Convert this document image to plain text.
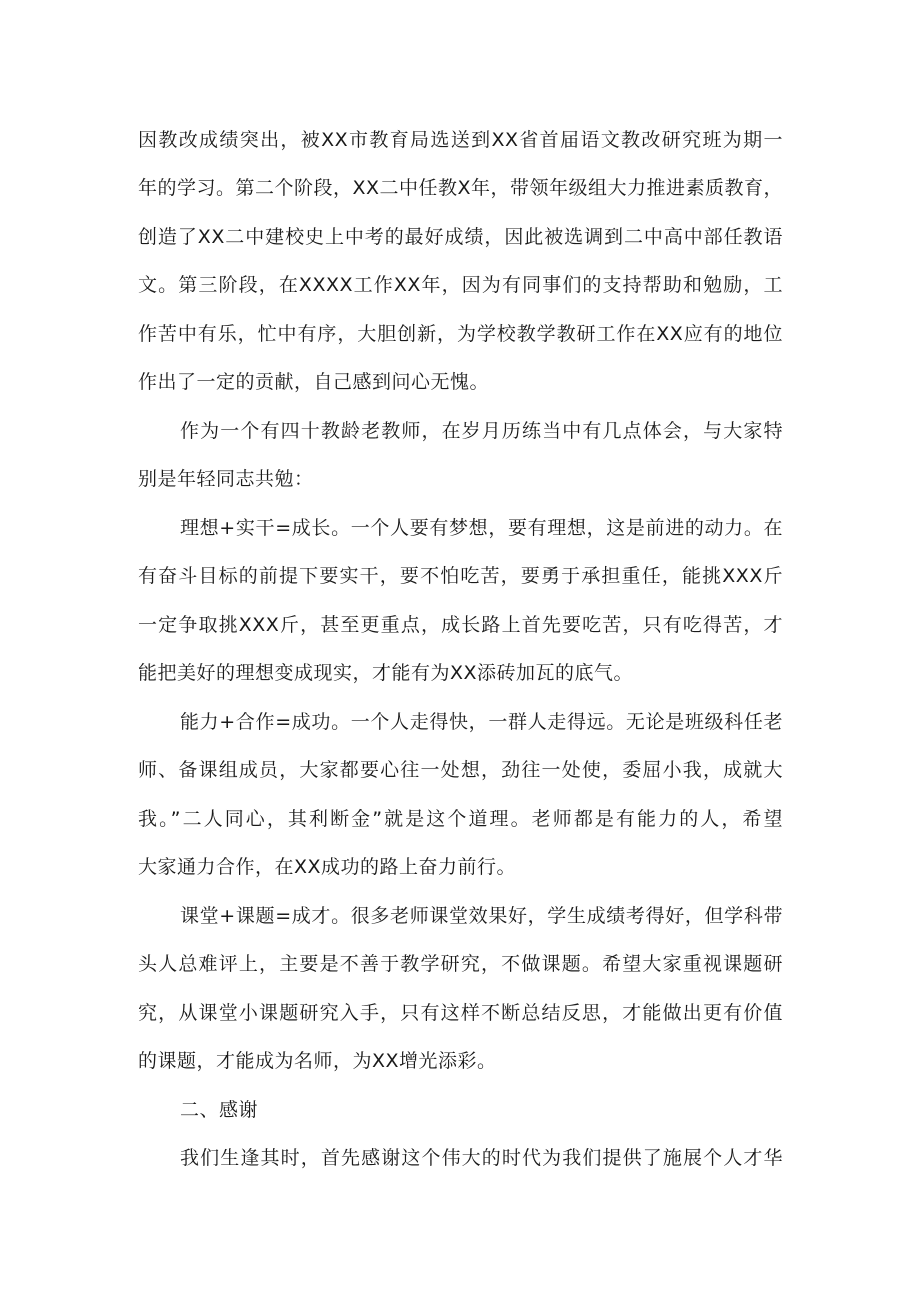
因教改成绩突出，被XX市教育局选送到XX省首届语文教改研究班为期一
年的学习。第二个阶段，XX二中任教X年，带领年级组大力推进素质教育，
创造了XX二中建校史上中考的最好成绩，因此被选调到二中高中部任教语
文。第三阶段，在XXXX工作XX年，因为有同事们的支持帮助和勉励，工
作苦中有乐，忙中有序，大胆创新，为学校教学教研工作在XX应有的地位
作出了一定的贡献，自己感到问心无愧。
作为一个有四十教龄老教师，在岁月历练当中有几点体会，与大家特
别是年轻同志共勉：
理想+实干=成长。一个人要有梦想，要有理想，这是前进的动力。在
有奋斗目标的前提下要实干，要不怕吃苦，要勇于承担重任，能挑XXX斤
一定争取挑XXX斤，甚至更重点，成长路上首先要吃苦，只有吃得苦，才
能把美好的理想变成现实，才能有为XX添砖加瓦的底气。
能力+合作=成功。一个人走得快，一群人走得远。无论是班级科任老
师、备课组成员，大家都要心往一处想，劲往一处使，委屈小我，成就大
我。”二人同心，其利断金”就是这个道理。老师都是有能力的人，希望
大家通力合作，在XX成功的路上奋力前行。
课堂+课题=成才。很多老师课堂效果好，学生成绩考得好，但学科带
头人总难评上，主要是不善于教学研究，不做课题。希望大家重视课题研
究，从课堂小课题研究入手，只有这样不断总结反思，才能做出更有价值
的课题，才能成为名师，为XX增光添彩。
二、感谢
我们生逢其时，首先感谢这个伟大的时代为我们提供了施展个人才华
